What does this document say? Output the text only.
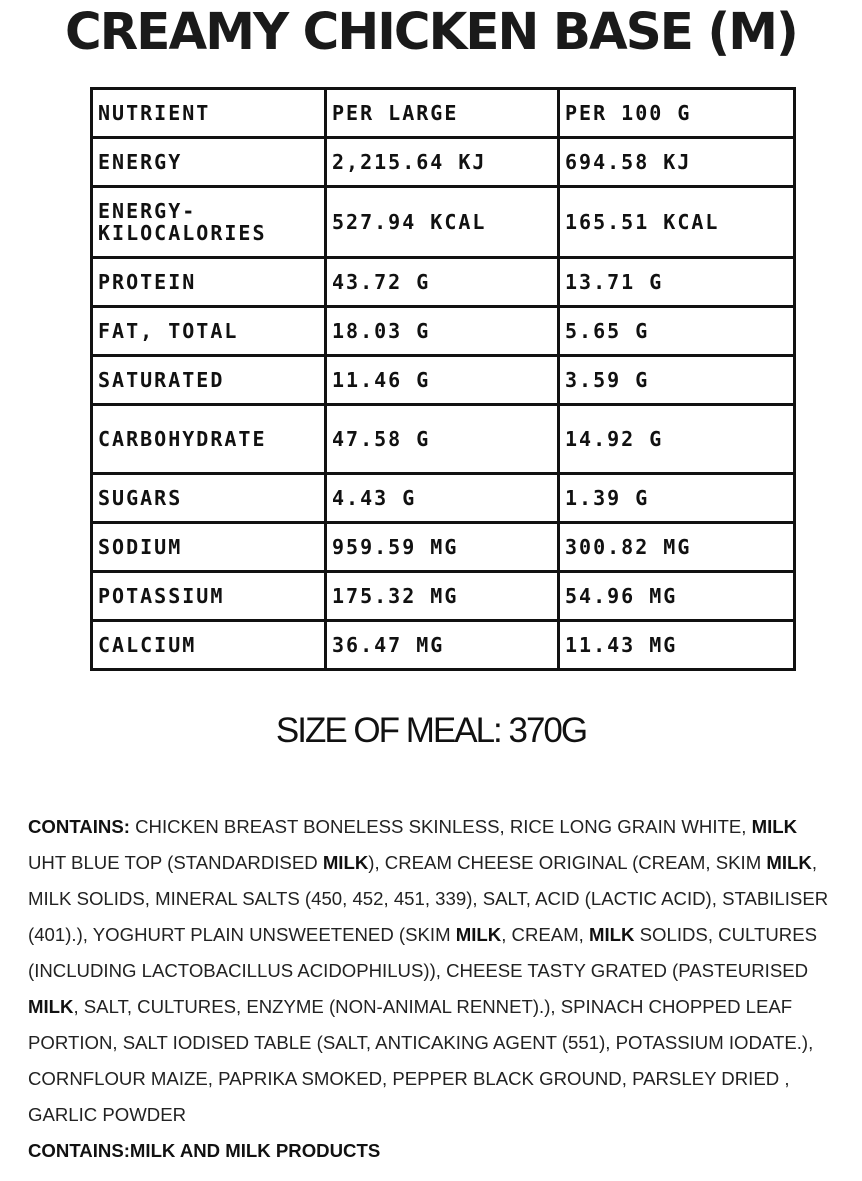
CREAMY CHICKEN BASE (M)
NUTRIENT	PER LARGE	PER 100 G
ENERGY	2,215.64 KJ	694.58 KJ
ENERGY- KILOCALORIES	527.94 KCAL	165.51 KCAL
PROTEIN	43.72 G	13.71 G
FAT, TOTAL	18.03 G	5.65 G
SATURATED	11.46 G	3.59 G
CARBOHYDRATE	47.58 G	14.92 G
SUGARS	4.43 G	1.39 G
SODIUM	959.59 MG	300.82 MG
POTASSIUM	175.32 MG	54.96 MG
CALCIUM	36.47 MG	11.43 MG
SIZE OF MEAL: 370G
CONTAINS: CHICKEN BREAST BONELESS SKINLESS, RICE LONG GRAIN WHITE, MILK UHT BLUE TOP (STANDARDISED MILK), CREAM CHEESE ORIGINAL (CREAM, SKIM MILK, MILK SOLIDS, MINERAL SALTS (450, 452, 451, 339), SALT, ACID (LACTIC ACID), STABILISER (401).), YOGHURT PLAIN UNSWEETENED (SKIM MILK, CREAM, MILK SOLIDS, CULTURES (INCLUDING LACTOBACILLUS ACIDOPHILUS)), CHEESE TASTY GRATED (PASTEURISED MILK, SALT, CULTURES, ENZYME (NON-ANIMAL RENNET).), SPINACH CHOPPED LEAF PORTION, SALT IODISED TABLE (SALT, ANTICAKING AGENT (551), POTASSIUM IODATE.), CORNFLOUR MAIZE, PAPRIKA SMOKED, PEPPER BLACK GROUND, PARSLEY DRIED , GARLIC POWDER
CONTAINS:MILK AND MILK PRODUCTS
